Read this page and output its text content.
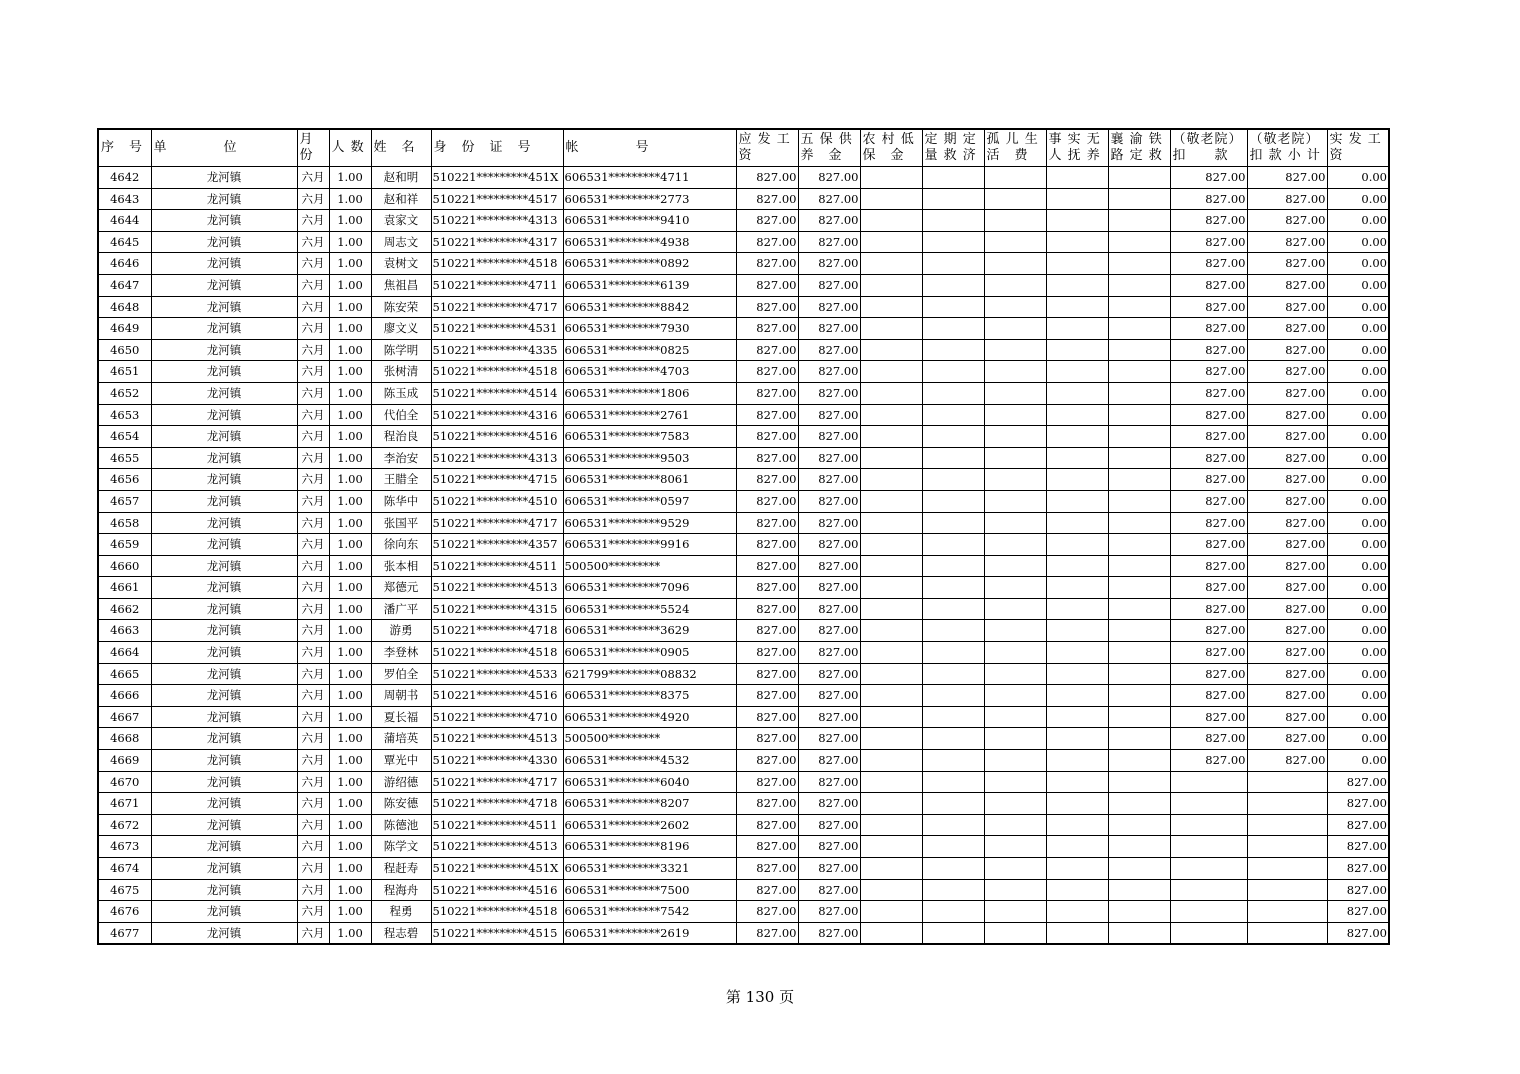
序　号	单　　　　位	月份	人 数	姓　名	身　份　证　号	帐　　　　号	应 发 工 资	五 保 供 养　金	农 村 低 保　金	定 期 定 量 救 济	孤 儿 生 活　费	事 实 无 人 抚 养	襄 渝 铁 路 定 救	（敬老院）扣　　款	（敬老院）扣 款 小 计	实 发 工 资
4642	龙河镇	六月	1.00	赵和明	510221*********451X	606531*********4711	827.00	827.00						827.00	827.00	0.00
4643	龙河镇	六月	1.00	赵和祥	510221*********4517	606531*********2773	827.00	827.00						827.00	827.00	0.00
4644	龙河镇	六月	1.00	袁家文	510221*********4313	606531*********9410	827.00	827.00						827.00	827.00	0.00
4645	龙河镇	六月	1.00	周志文	510221*********4317	606531*********4938	827.00	827.00						827.00	827.00	0.00
4646	龙河镇	六月	1.00	袁树文	510221*********4518	606531*********0892	827.00	827.00						827.00	827.00	0.00
4647	龙河镇	六月	1.00	焦祖昌	510221*********4711	606531*********6139	827.00	827.00						827.00	827.00	0.00
4648	龙河镇	六月	1.00	陈安荣	510221*********4717	606531*********8842	827.00	827.00						827.00	827.00	0.00
4649	龙河镇	六月	1.00	廖文义	510221*********4531	606531*********7930	827.00	827.00						827.00	827.00	0.00
4650	龙河镇	六月	1.00	陈学明	510221*********4335	606531*********0825	827.00	827.00						827.00	827.00	0.00
4651	龙河镇	六月	1.00	张树清	510221*********4518	606531*********4703	827.00	827.00						827.00	827.00	0.00
4652	龙河镇	六月	1.00	陈玉成	510221*********4514	606531*********1806	827.00	827.00						827.00	827.00	0.00
4653	龙河镇	六月	1.00	代伯全	510221*********4316	606531*********2761	827.00	827.00						827.00	827.00	0.00
4654	龙河镇	六月	1.00	程治良	510221*********4516	606531*********7583	827.00	827.00						827.00	827.00	0.00
4655	龙河镇	六月	1.00	李治安	510221*********4313	606531*********9503	827.00	827.00						827.00	827.00	0.00
4656	龙河镇	六月	1.00	王腊全	510221*********4715	606531*********8061	827.00	827.00						827.00	827.00	0.00
4657	龙河镇	六月	1.00	陈华中	510221*********4510	606531*********0597	827.00	827.00						827.00	827.00	0.00
4658	龙河镇	六月	1.00	张国平	510221*********4717	606531*********9529	827.00	827.00						827.00	827.00	0.00
4659	龙河镇	六月	1.00	徐向东	510221*********4357	606531*********9916	827.00	827.00						827.00	827.00	0.00
4660	龙河镇	六月	1.00	张本相	510221*********4511	500500*********	827.00	827.00						827.00	827.00	0.00
4661	龙河镇	六月	1.00	郑德元	510221*********4513	606531*********7096	827.00	827.00						827.00	827.00	0.00
4662	龙河镇	六月	1.00	潘广平	510221*********4315	606531*********5524	827.00	827.00						827.00	827.00	0.00
4663	龙河镇	六月	1.00	游勇	510221*********4718	606531*********3629	827.00	827.00						827.00	827.00	0.00
4664	龙河镇	六月	1.00	李登林	510221*********4518	606531*********0905	827.00	827.00						827.00	827.00	0.00
4665	龙河镇	六月	1.00	罗伯全	510221*********4533	621799*********08832	827.00	827.00						827.00	827.00	0.00
4666	龙河镇	六月	1.00	周朝书	510221*********4516	606531*********8375	827.00	827.00						827.00	827.00	0.00
4667	龙河镇	六月	1.00	夏长福	510221*********4710	606531*********4920	827.00	827.00						827.00	827.00	0.00
4668	龙河镇	六月	1.00	蒲培英	510221*********4513	500500*********	827.00	827.00						827.00	827.00	0.00
4669	龙河镇	六月	1.00	覃光中	510221*********4330	606531*********4532	827.00	827.00						827.00	827.00	0.00
4670	龙河镇	六月	1.00	游绍德	510221*********4717	606531*********6040	827.00	827.00								827.00
4671	龙河镇	六月	1.00	陈安德	510221*********4718	606531*********8207	827.00	827.00								827.00
4672	龙河镇	六月	1.00	陈德池	510221*********4511	606531*********2602	827.00	827.00								827.00
4673	龙河镇	六月	1.00	陈学文	510221*********4513	606531*********8196	827.00	827.00								827.00
4674	龙河镇	六月	1.00	程赶寿	510221*********451X	606531*********3321	827.00	827.00								827.00
4675	龙河镇	六月	1.00	程海舟	510221*********4516	606531*********7500	827.00	827.00								827.00
4676	龙河镇	六月	1.00	程勇	510221*********4518	606531*********7542	827.00	827.00								827.00
4677	龙河镇	六月	1.00	程志碧	510221*********4515	606531*********2619	827.00	827.00								827.00
第 130 页
